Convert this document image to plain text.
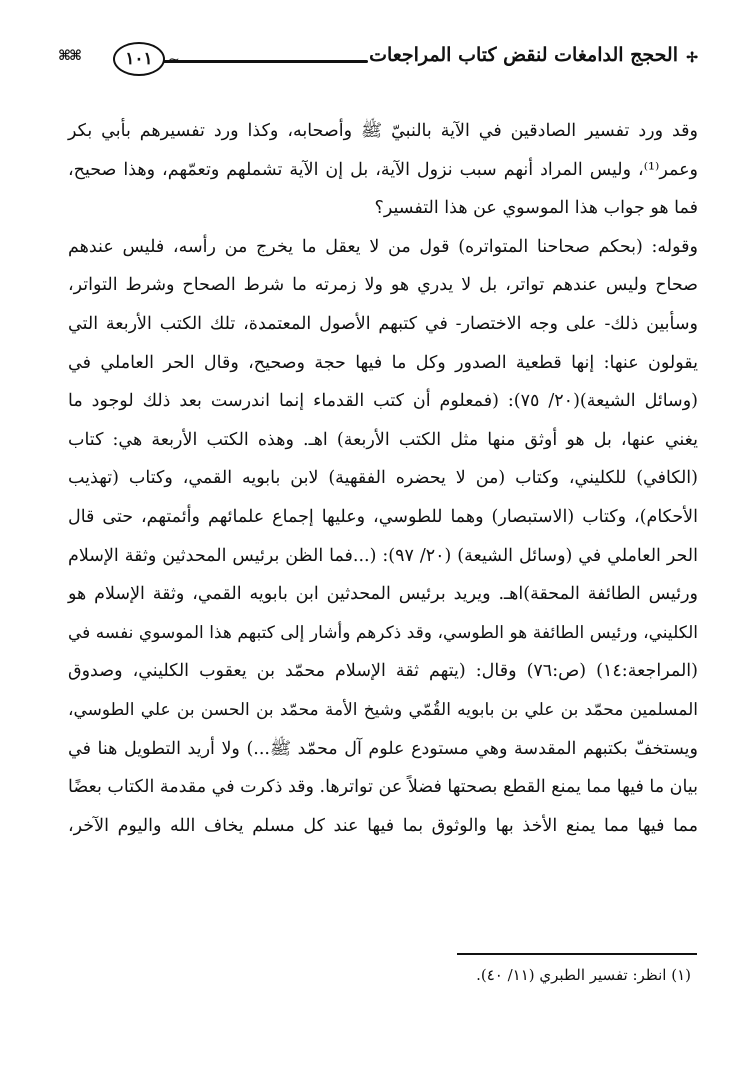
✢
الحجج الدامغات لنقض كتاب المراجعات
١٠١
⌘⌘
وقد ورد تفسير الصادقين في الآية بالنبيّ ﷺ وأصحابه، وكذا ورد تفسيرهم بأبي بكر
وعمر⁽¹⁾، وليس المراد أنهم سبب نزول الآية، بل إن الآية تشملهم وتعمّهم، وهذا صحيح،
فما هو جواب هذا الموسوي عن هذا التفسير؟
وقوله: (بحكم صحاحنا المتواتره) قول من لا يعقل ما يخرج من رأسه، فليس عندهم
صحاح وليس عندهم تواتر، بل لا يدري هو ولا زمرته ما شرط الصحاح وشرط التواتر،
وسأبين ذلك- على وجه الاختصار- في كتبهم الأصول المعتمدة، تلك الكتب الأربعة التي
يقولون عنها: إنها قطعية الصدور وكل ما فيها حجة وصحيح، وقال الحر العاملي في
(وسائل الشيعة)(٢٠/ ٧٥): (فمعلوم أن كتب القدماء إنما اندرست بعد ذلك لوجود ما
يغني عنها، بل هو أوثق منها مثل الكتب الأربعة) اهـ. وهذه الكتب الأربعة هي: كتاب
(الكافي) للكليني، وكتاب (من لا يحضره الفقهية) لابن بابويه القمي، وكتاب (تهذيب
الأحكام)، وكتاب (الاستبصار) وهما للطوسي، وعليها إجماع علمائهم وأئمتهم، حتى قال
الحر العاملي في (وسائل الشيعة) (٢٠/ ٩٧): (...فما الظن برئيس المحدثين وثقة الإسلام
ورئيس الطائفة المحقة)اهـ. ويريد برئيس المحدثين ابن بابويه القمي، وثقة الإسلام هو
الكليني، ورئيس الطائفة هو الطوسي، وقد ذكرهم وأشار إلى كتبهم هذا الموسوي نفسه في
(المراجعة:١٤) (ص:٧٦) وقال: (يتهم ثقة الإسلام محمّد بن يعقوب الكليني، وصدوق
المسلمين محمّد بن علي بن بابويه القُمّي وشيخ الأمة محمّد بن الحسن بن علي الطوسي،
ويستخفّ بكتبهم المقدسة وهي مستودع علوم آل محمّد ﷺ...) ولا أريد التطويل هنا في
بيان ما فيها مما يمنع القطع بصحتها فضلاً عن تواترها. وقد ذكرت في مقدمة الكتاب بعضًا
مما فيها مما يمنع الأخذ بها والوثوق بما فيها عند كل مسلم يخاف الله واليوم الآخر،
(١) انظر: تفسير الطبري (١١/ ٤٠).
